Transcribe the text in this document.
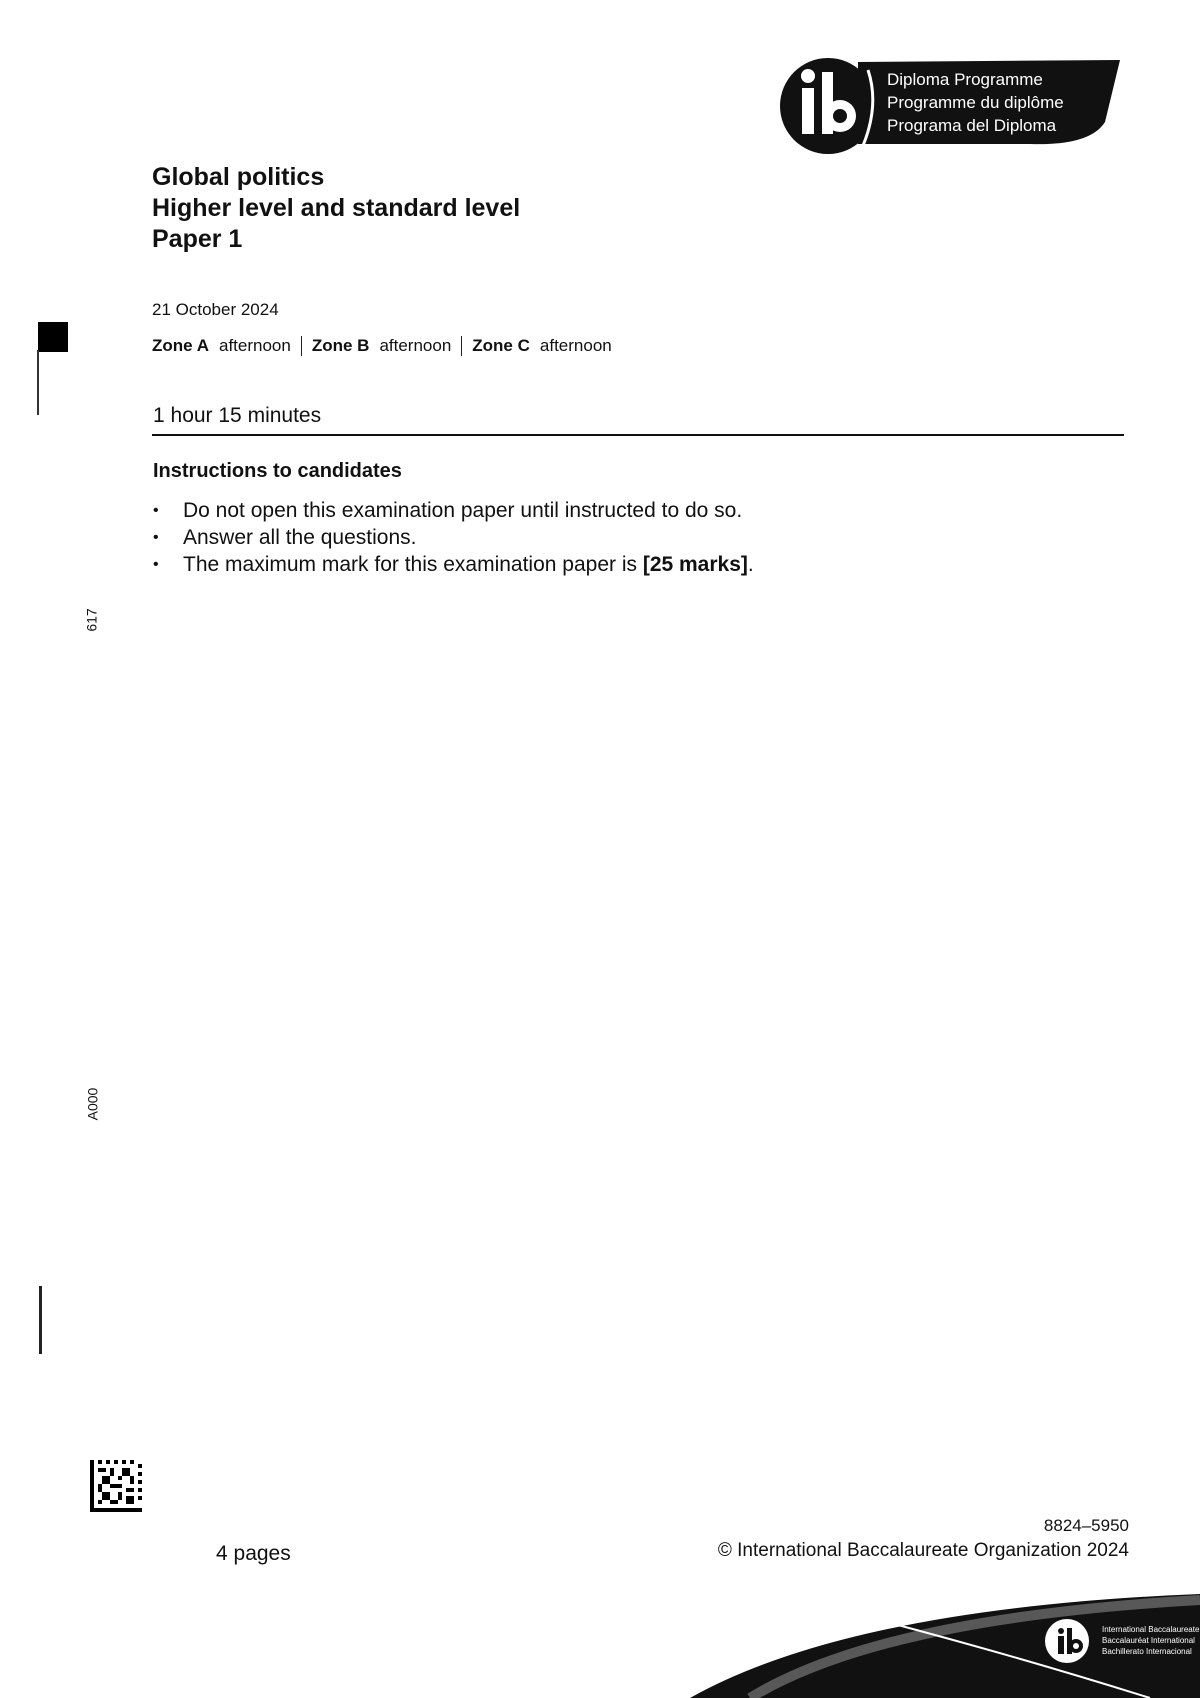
ib
Diploma Programme
Programme du diplôme
Programa del Diploma
Global politics
Higher level and standard level
Paper 1
21 October 2024
Zone A afternoon Zone B afternoon Zone C afternoon
1 hour 15 minutes
Instructions to candidates
•	Do not open this examination paper until instructed to do so.
•	Answer all the questions.
•	The maximum mark for this examination paper is [25 marks].
617
A000
4 pages
8824–5950
© International Baccalaureate Organization 2024
International Baccalaureate
Baccalauréat International
Bachillerato Internacional
